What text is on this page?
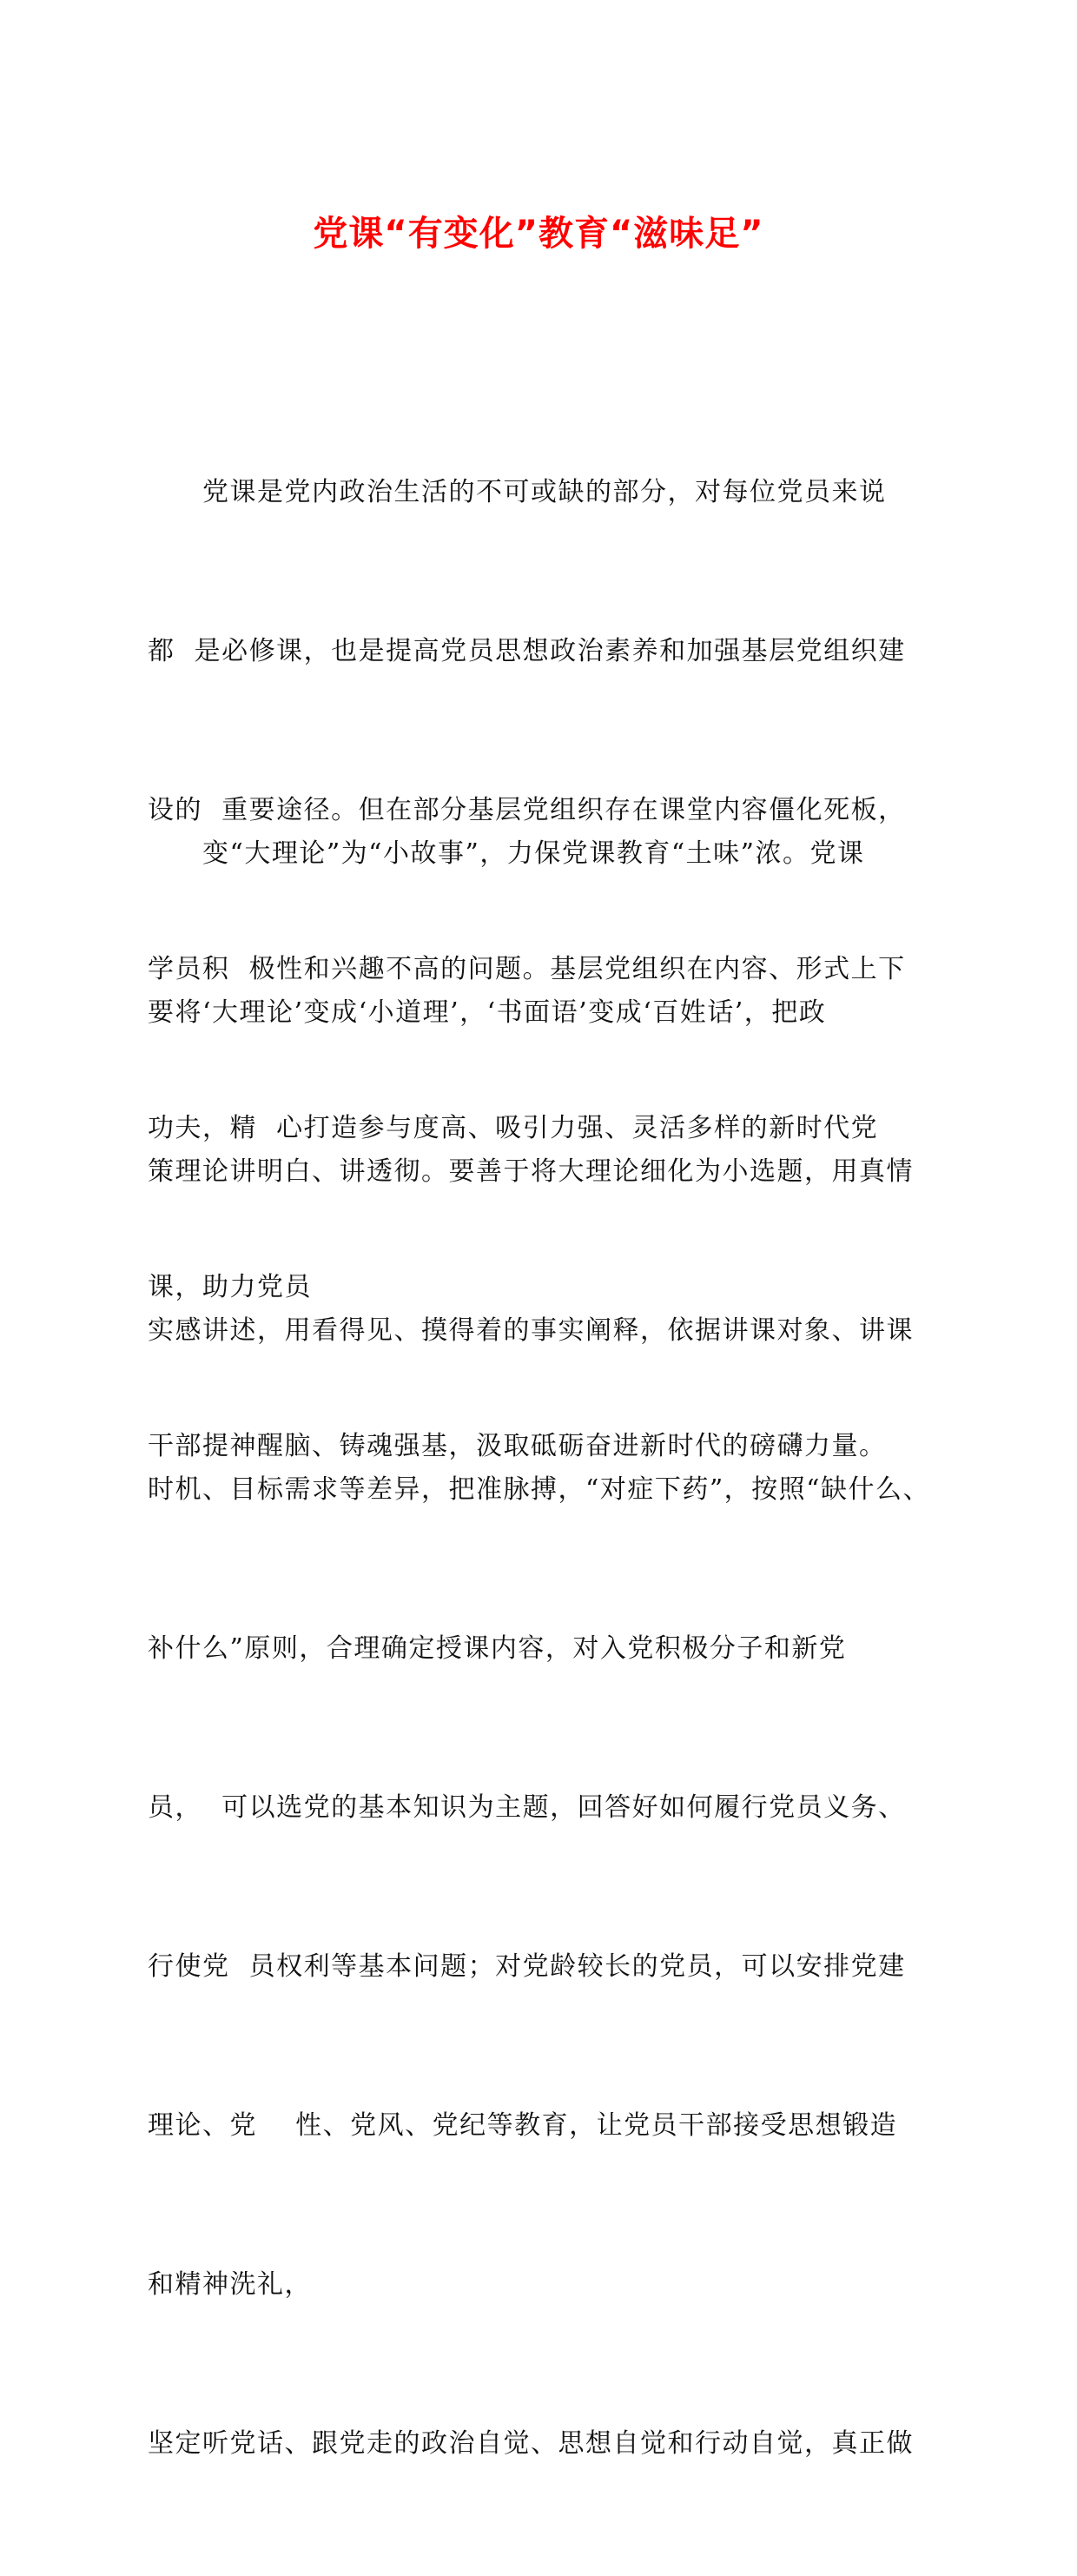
党课“有变化”教育“滋味足”

　　党课是党内政治生活的不可或缺的部分，对每位党员来说

都  是必修课，也是提高党员思想政治素养和加强基层党组织建

设的  重要途径。但在部分基层党组织存在课堂内容僵化死板，

学员积  极性和兴趣不高的问题。基层党组织在内容、形式上下

功夫，精  心打造参与度高、吸引力强、灵活多样的新时代党

课，助力党员

干部提神醒脑、铸魂强基，汲取砥砺奋进新时代的磅礴力量。

　　变“大理论”为“小故事”，力保党课教育“土味”浓。党课

要将‘大理论’变成‘小道理’，‘书面语’变成‘百姓话’，把政

策理论讲明白、讲透彻。要善于将大理论细化为小选题，用真情

实感讲述，用看得见、摸得着的事实阐释，依据讲课对象、讲课

时机、目标需求等差异，把准脉搏，“对症下药”，按照“缺什么、

补什么”原则，合理确定授课内容，对入党积极分子和新党

员，  可以选党的基本知识为主题，回答好如何履行党员义务、

行使党  员权利等基本问题；对党龄较长的党员，可以安排党建

理论、党    性、党风、党纪等教育，让党员干部接受思想锻造

和精神洗礼，

坚定听党话、跟党走的政治自觉、思想自觉和行动自觉，真正做
